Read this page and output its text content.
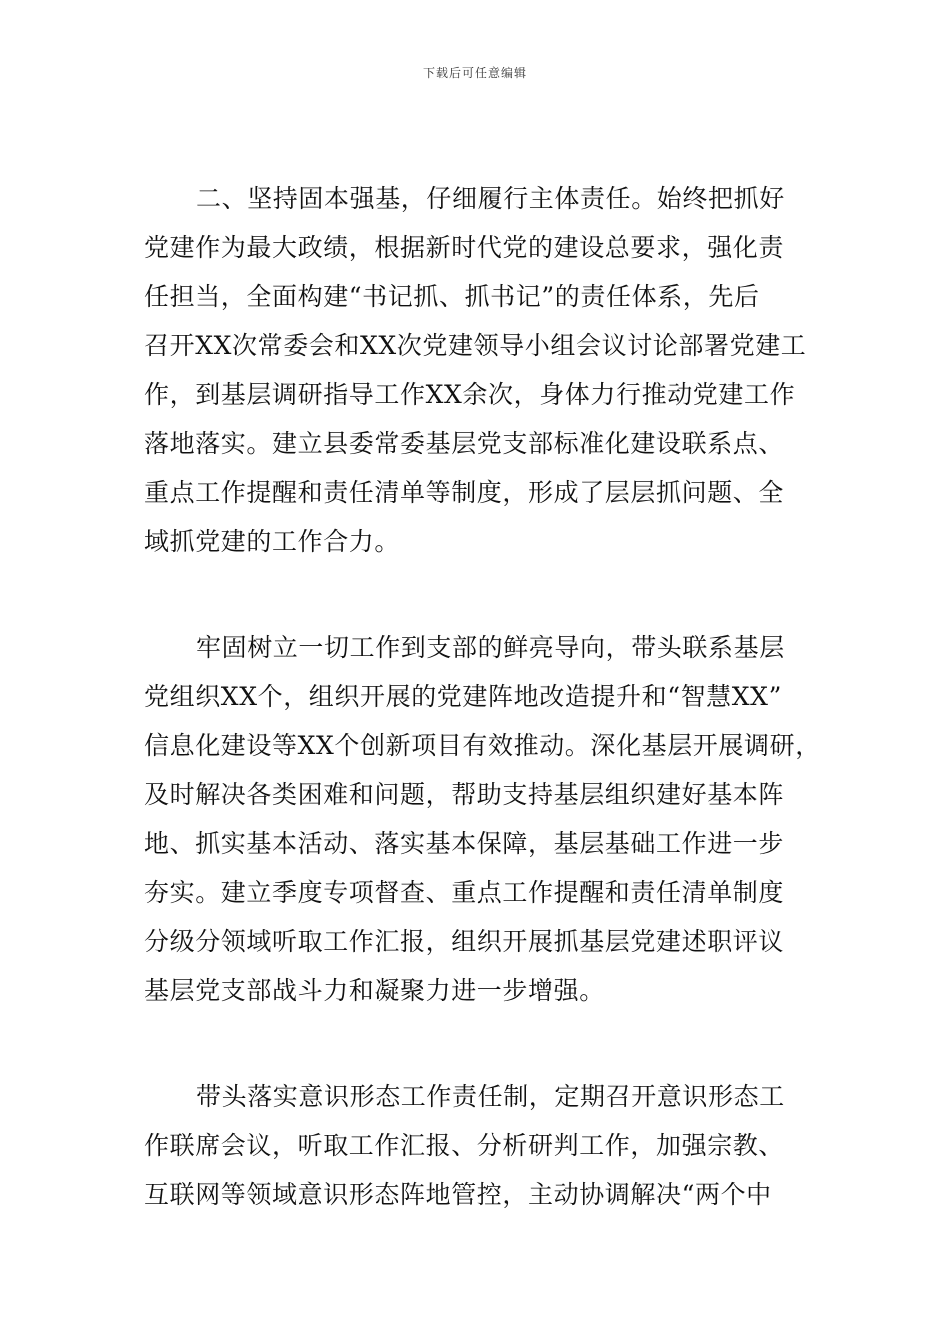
下载后可任意编辑
二、坚持固本强基，仔细履行主体责任。始终把抓好
党建作为最大政绩，根据新时代党的建设总要求，强化责
任担当，全面构建“书记抓、抓书记”的责任体系，先后
召开XX次常委会和XX次党建领导小组会议讨论部署党建工
作，到基层调研指导工作XX余次，身体力行推动党建工作
落地落实。建立县委常委基层党支部标准化建设联系点、
重点工作提醒和责任清单等制度，形成了层层抓问题、全
域抓党建的工作合力。
牢固树立一切工作到支部的鲜亮导向，带头联系基层
党组织XX个，组织开展的党建阵地改造提升和“智慧XX”
信息化建设等XX个创新项目有效推动。深化基层开展调研，
及时解决各类困难和问题，帮助支持基层组织建好基本阵
地、抓实基本活动、落实基本保障，基层基础工作进一步
夯实。建立季度专项督查、重点工作提醒和责任清单制度
分级分领域听取工作汇报，组织开展抓基层党建述职评议
基层党支部战斗力和凝聚力进一步增强。
带头落实意识形态工作责任制，定期召开意识形态工
作联席会议，听取工作汇报、分析研判工作，加强宗教、
互联网等领域意识形态阵地管控，主动协调解决“两个中
